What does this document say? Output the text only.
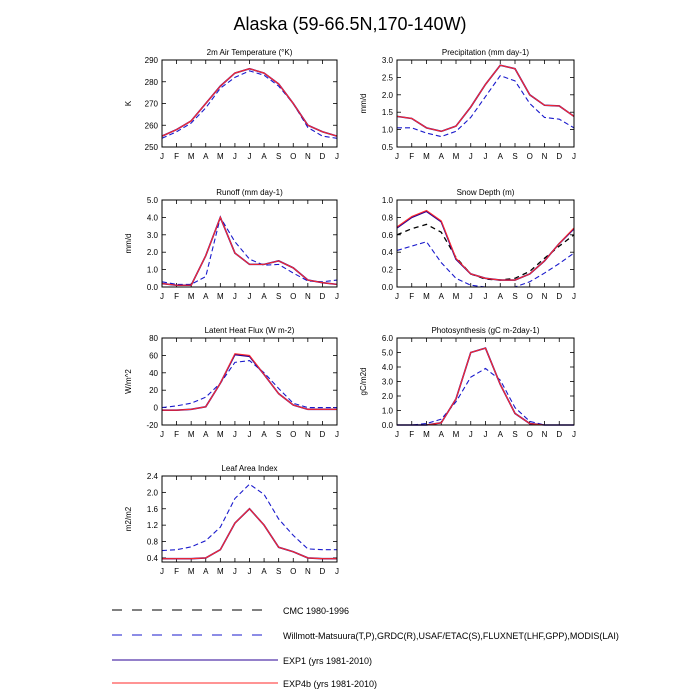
Alaska (59-66.5N,170-140W)
2m Air Temperature (°K)
K
250
260
270
280
290
J F M A M J J A S O N D J
Precipitation (mm day-1)
mm/d
0.5
1.0
1.5
2.0
2.5
3.0
J F M A M J J A S O N D J
Runoff (mm day-1)
mm/d
0.0
1.0
2.0
3.0
4.0
5.0
J F M A M J J A S O N D J
Snow Depth (m)
0.0
0.2
0.4
0.6
0.8
1.0
J F M A M J J A S O N D J
Latent Heat Flux (W m-2)
W/m^2
-20
0
20
40
60
80
J F M A M J J A S O N D J
Photosynthesis (gC m-2day-1)
gC/m2d
0.0
1.0
2.0
3.0
4.0
5.0
6.0
J F M A M J J A S O N D J
Leaf Area Index
m2/m2
0.4
0.8
1.2
1.6
2.0
2.4
J F M A M J J A S O N D J
CMC 1980-1996
Willmott-Matsuura(T,P),GRDC(R),USAF/ETAC(S),FLUXNET(LHF,GPP),MODIS(LAI)
EXP1 (yrs 1981-2010)
EXP4b (yrs 1981-2010)
